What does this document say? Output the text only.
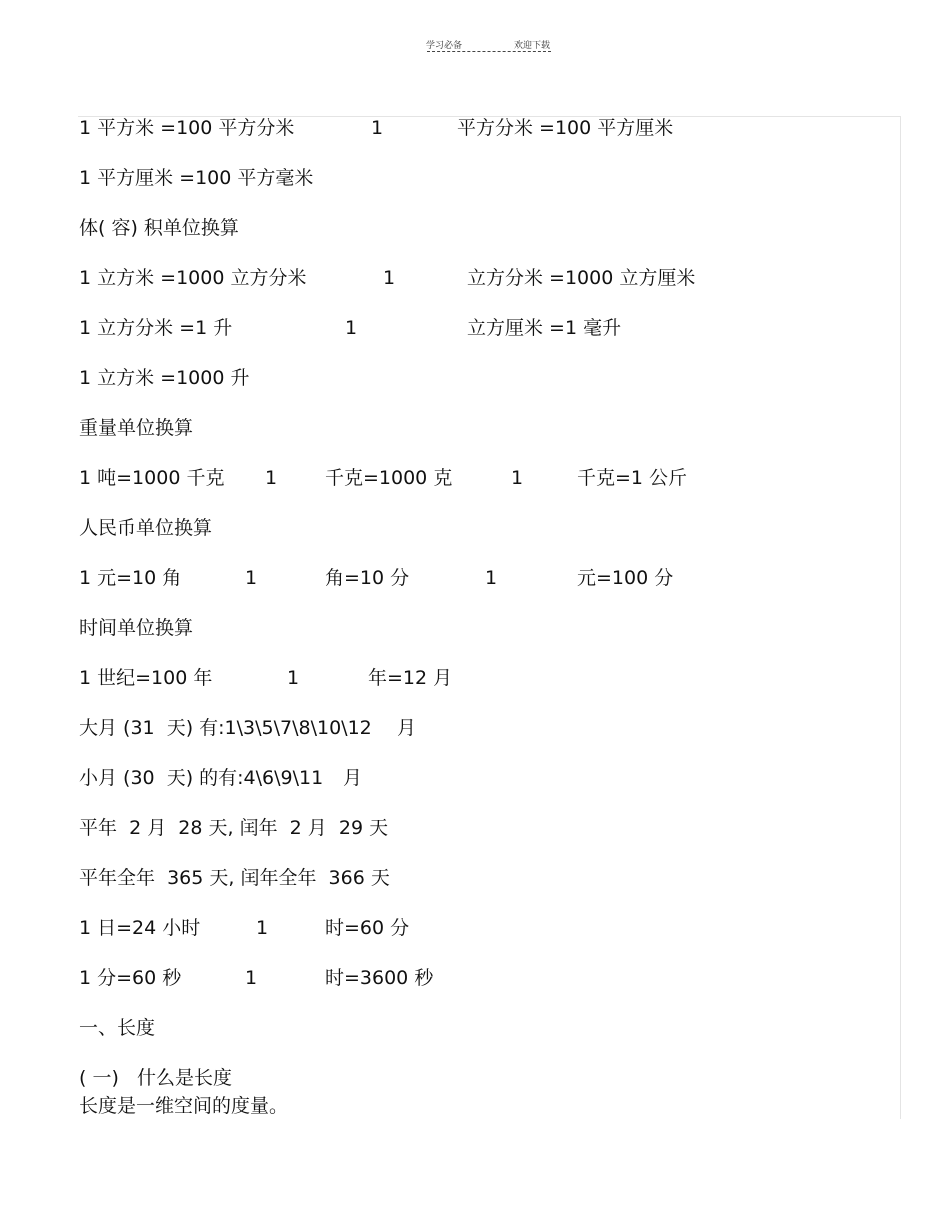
学习必备	欢迎下载
1 平方米 =100 平方分米	1	平方分米 =100 平方厘米
1 平方厘米 =100 平方毫米
体( 容) 积单位换算
1 立方米 =1000 立方分米	1	立方分米 =1000 立方厘米
1 立方分米 =1 升	1	立方厘米 =1 毫升
1 立方米 =1000 升
重量单位换算
1 吨=1000 千克 1	千克=1000 克	1	千克=1 公斤
人民币单位换算
1 元=10 角	1	角=10 分	1	元=100 分
时间单位换算
1 世纪=100 年	1	年=12 月
大月 (31  天) 有:1\3\5\7\8\10\12 月
小月 (30  天) 的有:4\6\9\11 月
平年  2 月  28 天, 闰年  2 月  29 天
平年全年  365 天, 闰年全年  366 天
1 日=24 小时	1	时=60 分
1 分=60 秒	1	时=3600 秒
一、长度
( 一)   什么是长度
长度是一维空间的度量。
